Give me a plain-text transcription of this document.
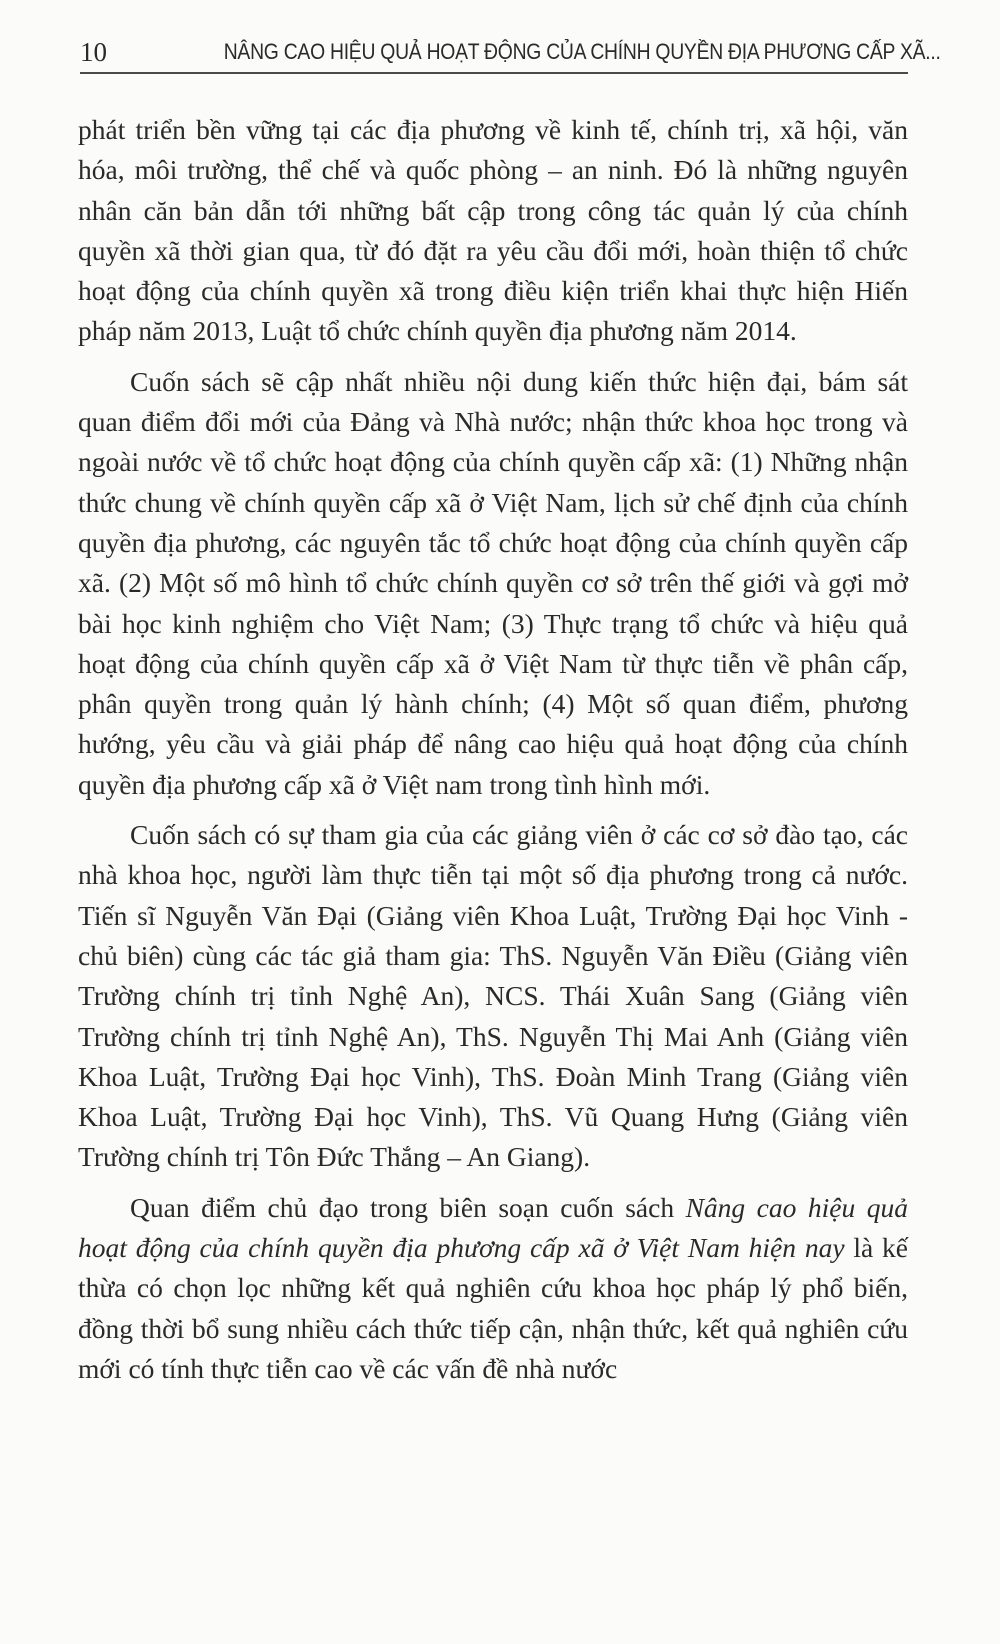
10	NÂNG CAO HIỆU QUẢ HOẠT ĐỘNG CỦA CHÍNH QUYỀN ĐỊA PHƯƠNG CẤP XÃ...

phát triển bền vững tại các địa phương về kinh tế, chính trị, xã hội, văn hóa, môi trường, thể chế và quốc phòng – an ninh. Đó là những nguyên nhân căn bản dẫn tới những bất cập trong công tác quản lý của chính quyền xã thời gian qua, từ đó đặt ra yêu cầu đổi mới, hoàn thiện tổ chức hoạt động của chính quyền xã trong điều kiện triển khai thực hiện Hiến pháp năm 2013, Luật tổ chức chính quyền địa phương năm 2014.

Cuốn sách sẽ cập nhất nhiều nội dung kiến thức hiện đại, bám sát quan điểm đổi mới của Đảng và Nhà nước; nhận thức khoa học trong và ngoài nước về tổ chức hoạt động của chính quyền cấp xã: (1) Những nhận thức chung về chính quyền cấp xã ở Việt Nam, lịch sử chế định của chính quyền địa phương, các nguyên tắc tổ chức hoạt động của chính quyền cấp xã. (2) Một số mô hình tổ chức chính quyền cơ sở trên thế giới và gợi mở bài học kinh nghiệm cho Việt Nam; (3) Thực trạng tổ chức và hiệu quả hoạt động của chính quyền cấp xã ở Việt Nam từ thực tiễn về phân cấp, phân quyền trong quản lý hành chính; (4) Một số quan điểm, phương hướng, yêu cầu và giải pháp để nâng cao hiệu quả hoạt động của chính quyền địa phương cấp xã ở Việt nam trong tình hình mới.

Cuốn sách có sự tham gia của các giảng viên ở các cơ sở đào tạo, các nhà khoa học, người làm thực tiễn tại một số địa phương trong cả nước. Tiến sĩ Nguyễn Văn Đại (Giảng viên Khoa Luật, Trường Đại học Vinh - chủ biên) cùng các tác giả tham gia: ThS. Nguyễn Văn Điều (Giảng viên Trường chính trị tỉnh Nghệ An), NCS. Thái Xuân Sang (Giảng viên Trường chính trị tỉnh Nghệ An), ThS. Nguyễn Thị Mai Anh (Giảng viên Khoa Luật, Trường Đại học Vinh), ThS. Đoàn Minh Trang (Giảng viên Khoa Luật, Trường Đại học Vinh), ThS. Vũ Quang Hưng (Giảng viên Trường chính trị Tôn Đức Thắng – An Giang).

Quan điểm chủ đạo trong biên soạn cuốn sách Nâng cao hiệu quả hoạt động của chính quyền địa phương cấp xã ở Việt Nam hiện nay là kế thừa có chọn lọc những kết quả nghiên cứu khoa học pháp lý phổ biến, đồng thời bổ sung nhiều cách thức tiếp cận, nhận thức, kết quả nghiên cứu mới có tính thực tiễn cao về các vấn đề nhà nước
